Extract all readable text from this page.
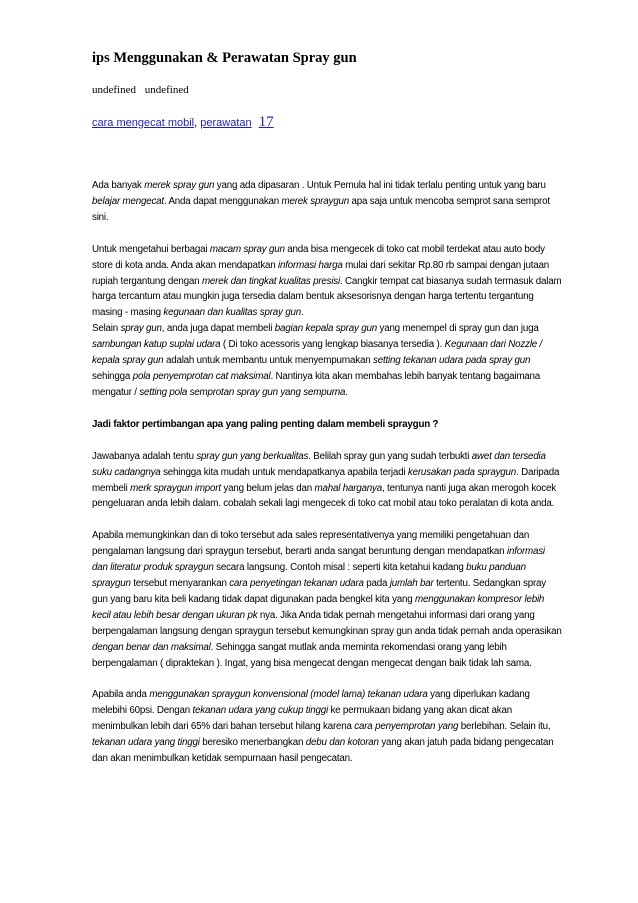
ips Menggunakan & Perawatan Spray gun
undefined undefined
cara mengecat mobil, perawatan 17

Ada banyak merek spray gun yang ada dipasaran . Untuk Pemula hal ini tidak terlalu penting untuk yang baru belajar mengecat. Anda dapat menggunakan merek spraygun apa saja untuk mencoba semprot sana semprot sini.

Untuk mengetahui berbagai macam spray gun anda bisa mengecek di toko cat mobil terdekat atau auto body store di kota anda. Anda akan mendapatkan informasi harga mulai dari sekitar Rp.80 rb sampai dengan jutaan rupiah tergantung dengan merek dan tingkat kualitas presisi. Cangkir tempat cat biasanya sudah termasuk dalam harga tercantum atau mungkin juga tersedia dalam bentuk aksesorisnya dengan harga tertentu tergantung masing - masing kegunaan dan kualitas spray gun.

Selain spray gun, anda juga dapat membeli bagian kepala spray gun yang menempel di spray gun dan juga sambungan katup suplai udara ( Di toko acessoris yang lengkap biasanya tersedia ). Kegunaan dari Nozzle / kepala spray gun adalah untuk membantu untuk menyempurnakan setting tekanan udara pada spray gun sehingga pola penyemprotan cat maksimal. Nantinya kita akan membahas lebih banyak tentang bagaimana mengatur / setting pola semprotan spray gun yang sempurna.

Jadi faktor pertimbangan apa yang paling penting dalam membeli spraygun ?

Jawabanya adalah tentu spray gun yang berkualitas. Belilah spray gun yang sudah terbukti awet dan tersedia suku cadangnya sehingga kita mudah untuk mendapatkanya apabila terjadi kerusakan pada spraygun. Daripada membeli merk spraygun import yang belum jelas dan mahal harganya, tentunya nanti juga akan merogoh kocek pengeluaran anda lebih dalam. cobalah sekali lagi mengecek di toko cat mobil atau toko peralatan di kota anda.

Apabila memungkinkan dan di toko tersebut ada sales representativenya yang memiliki pengetahuan dan pengalaman langsung dari spraygun tersebut, berarti anda sangat beruntung dengan mendapatkan informasi dan literatur produk spraygun secara langsung. Contoh misal : seperti kita ketahui kadang buku panduan spraygun tersebut menyarankan cara penyetingan tekanan udara pada jumlah bar tertentu. Sedangkan spray gun yang baru kita beli kadang tidak dapat digunakan pada bengkel kita yang menggunakan kompresor lebih kecil atau lebih besar dengan ukuran pk nya. Jika Anda tidak pernah mengetahui informasi dari orang yang berpengalaman langsung dengan spraygun tersebut kemungkinan spray gun anda tidak pernah anda operasikan dengan benar dan maksimal. Sehingga sangat mutlak anda meminta rekomendasi orang yang lebih berpengalaman ( dipraktekan ). Ingat, yang bisa mengecat dengan mengecat dengan baik tidak lah sama.

Apabila anda menggunakan spraygun konvensional (model lama) tekanan udara yang diperlukan kadang melebihi 60psi. Dengan tekanan udara yang cukup tinggi ke permukaan bidang yang akan dicat akan menimbulkan lebih dari 65% dari bahan tersebut hilang karena cara penyemprotan yang berlebihan. Selain itu, tekanan udara yang tinggi beresiko menerbangkan debu dan kotoran yang akan jatuh pada bidang pengecatan dan akan menimbulkan ketidak sempurnaan hasil pengecatan.
